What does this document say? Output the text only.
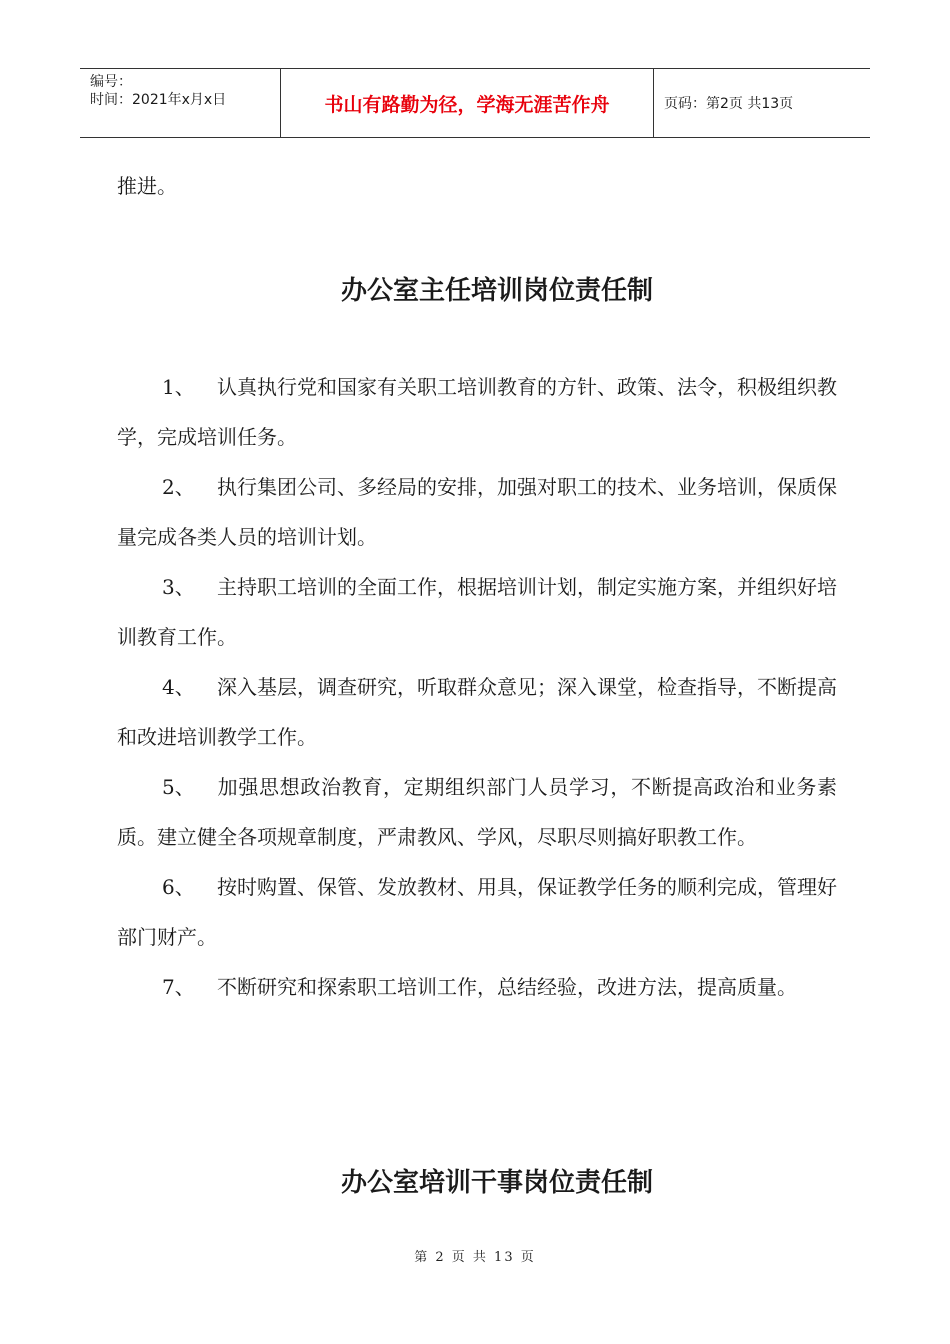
编号：
时间：2021年x月x日	书山有路勤为径，学海无涯苦作舟	页码：第2页 共13页
推进。
办公室主任培训岗位责任制
1、 认真执行党和国家有关职工培训教育的方针、政策、法令，积极组织教学，完成培训任务。
2、 执行集团公司、多经局的安排，加强对职工的技术、业务培训，保质保量完成各类人员的培训计划。
3、 主持职工培训的全面工作，根据培训计划，制定实施方案，并组织好培训教育工作。
4、 深入基层，调查研究，听取群众意见；深入课堂，检查指导，不断提高和改进培训教学工作。
5、 加强思想政治教育，定期组织部门人员学习，不断提高政治和业务素质。建立健全各项规章制度，严肃教风、学风，尽职尽则搞好职教工作。
6、 按时购置、保管、发放教材、用具，保证教学任务的顺利完成，管理好部门财产。
7、 不断研究和探索职工培训工作，总结经验，改进方法，提高质量。
办公室培训干事岗位责任制
第 2 页 共 13 页
